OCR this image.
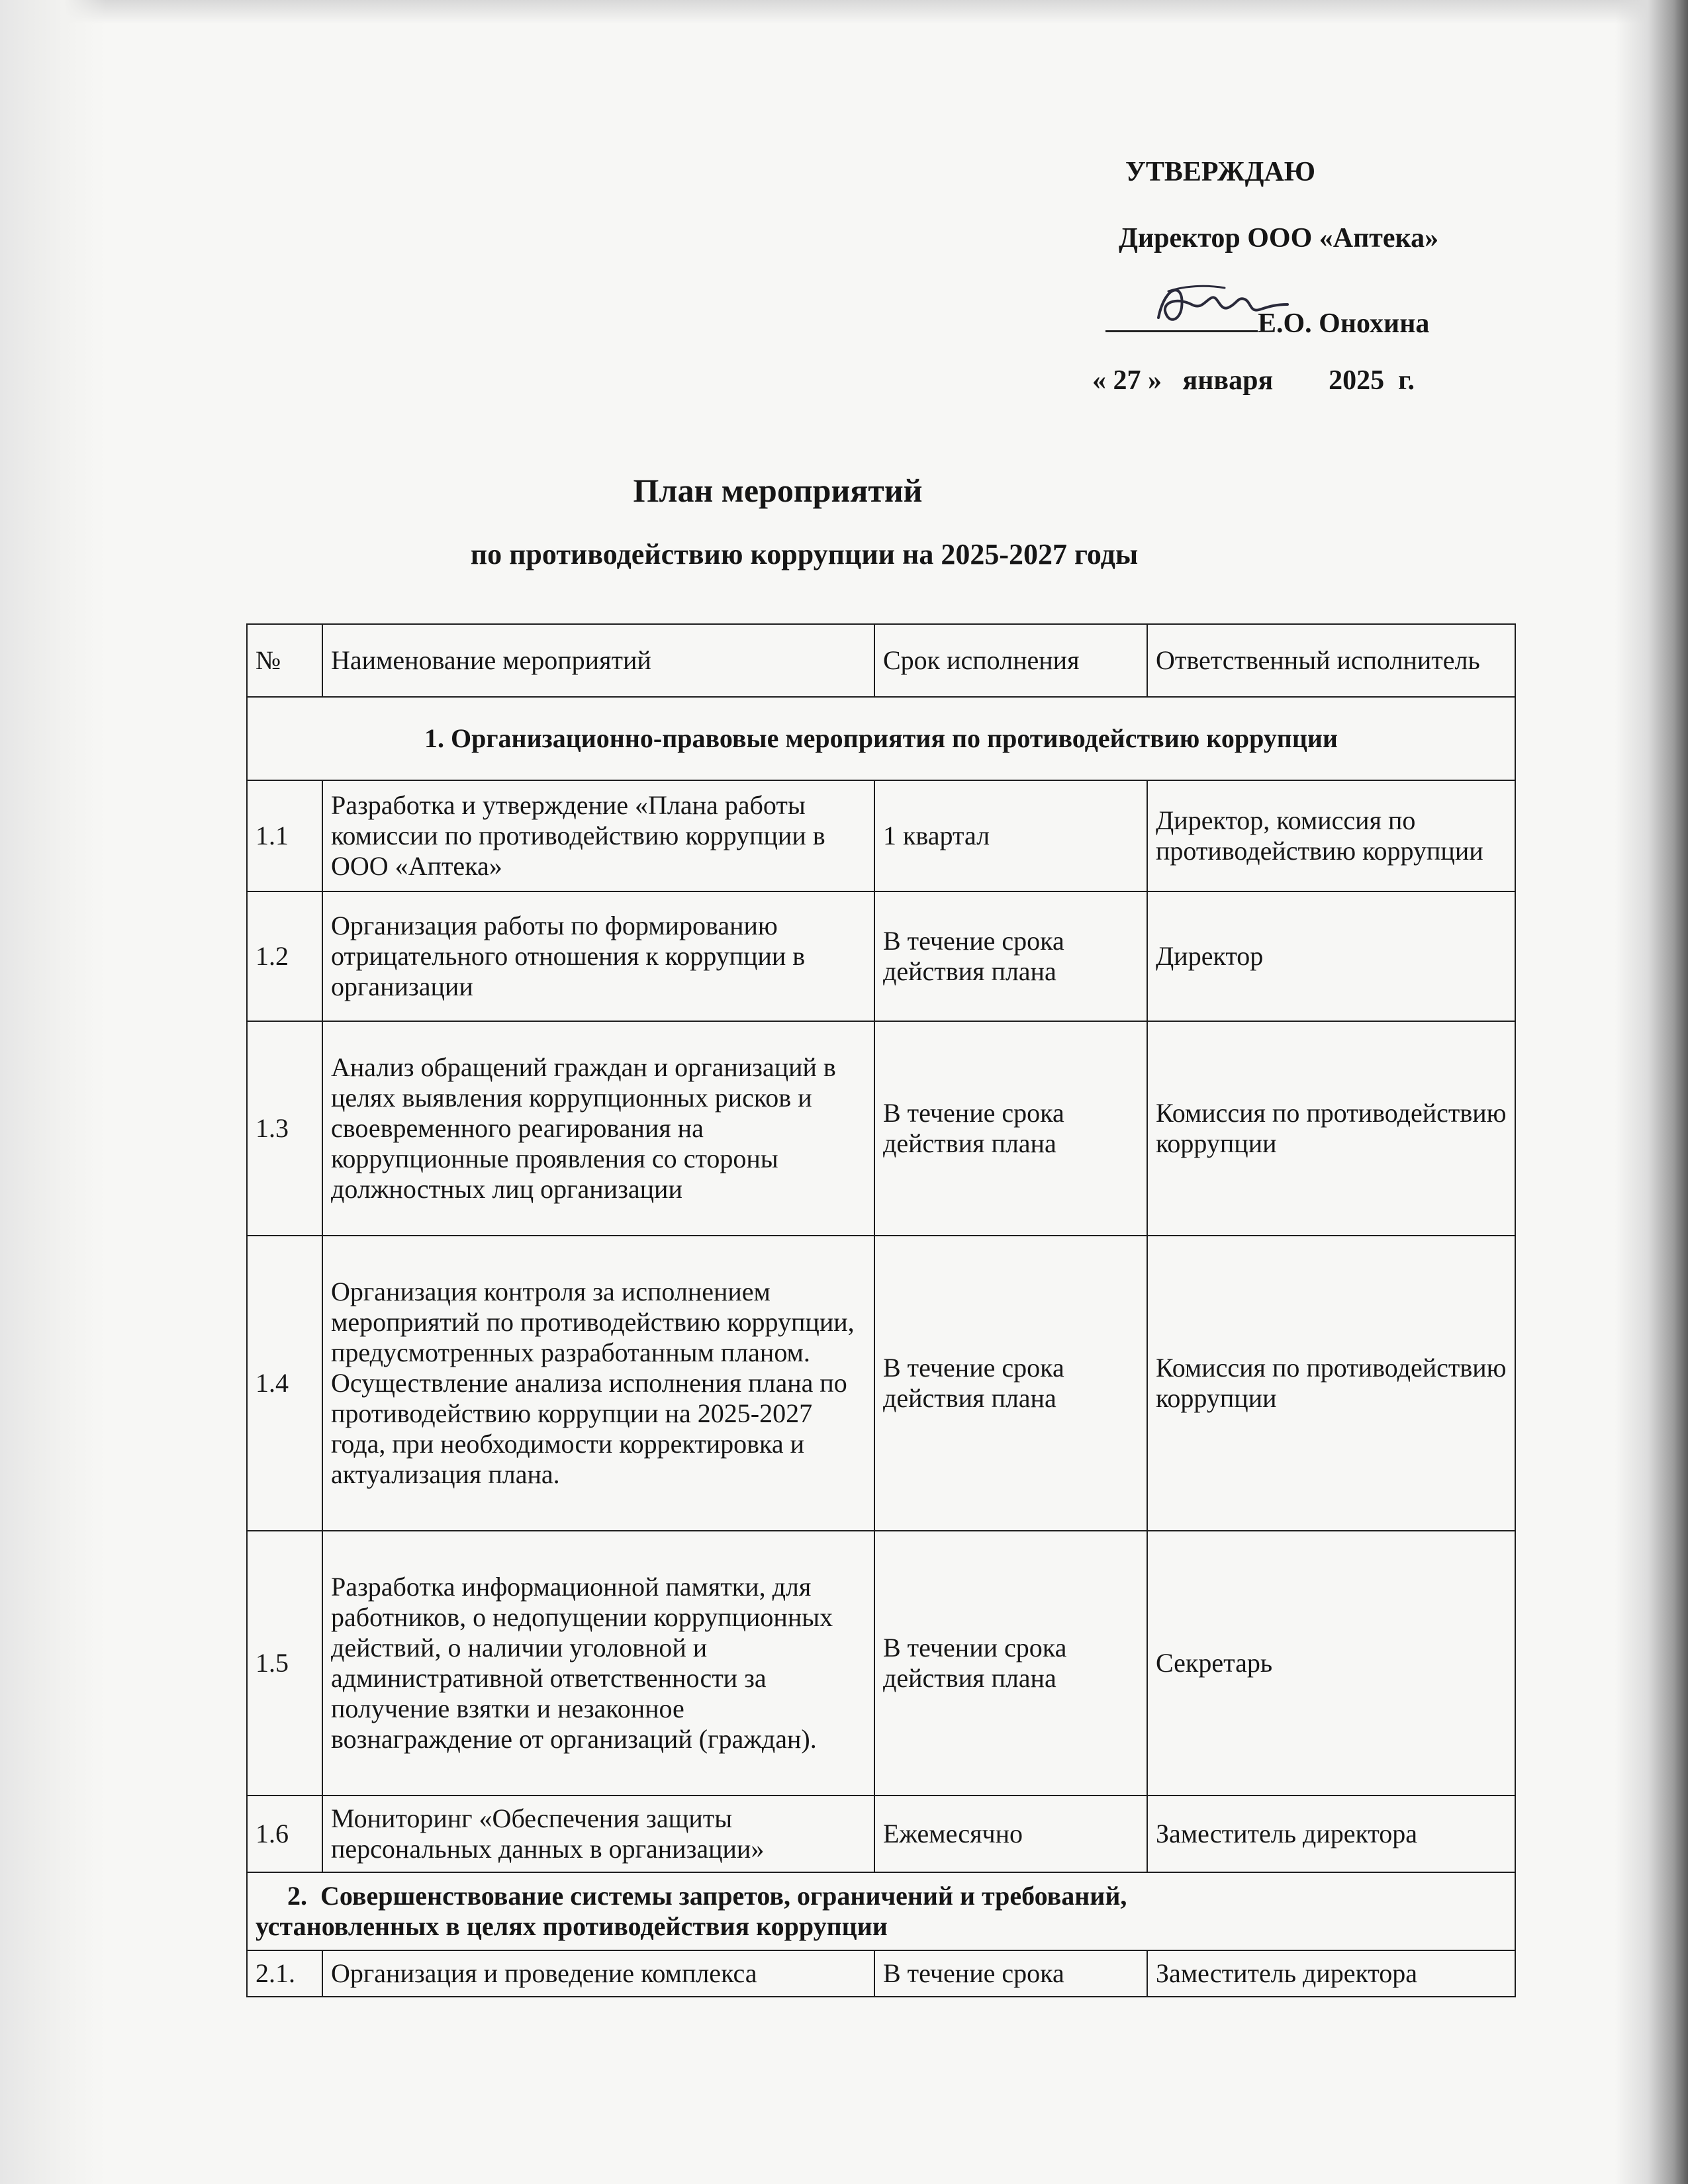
УТВЕРЖДАЮ
Директор ООО «Аптека»
Е.О. Онохина
« 27 »   января        2025  г.
План мероприятий
по противодействию коррупции на 2025-2027 годы
№	Наименование мероприятий	Срок исполнения	Ответственный исполнитель
1. Организационно-правовые мероприятия по противодействию коррупции			
1.1	Разработка и утверждение «Плана работы комиссии по противодействию коррупции в ООО «Аптека»	1 квартал	Директор, комиссия по противодействию коррупции
1.2	Организация работы по формированию отрицательного отношения к коррупции в организации	В течение срока действия плана	Директор
1.3	Анализ обращений граждан и организаций в целях выявления коррупционных рисков и своевременного реагирования на коррупционные проявления со стороны должностных лиц организации	В течение срока действия плана	Комиссия по противодействию коррупции
1.4	Организация контроля за исполнением мероприятий по противодействию коррупции, предусмотренных разработанным планом. Осуществление анализа исполнения плана по противодействию коррупции на 2025-2027 года, при необходимости корректировка и актуализация плана.	В течение срока действия плана	Комиссия по противодействию коррупции
1.5	Разработка информационной памятки, для работников, о недопущении коррупционных действий, о наличии уголовной и административной ответственности за получение взятки и незаконное вознаграждение от организаций (граждан).	В течении срока действия плана	Секретарь
1.6	Мониторинг «Обеспечения защиты персональных данных в организации»	Ежемесячно	Заместитель директора

2.  Совершенствование системы запретов, ограничений и требований,
установленных в целях противодействия коррупции			

2.1.	Организация и проведение комплекса	В течение срока	Заместитель директора
